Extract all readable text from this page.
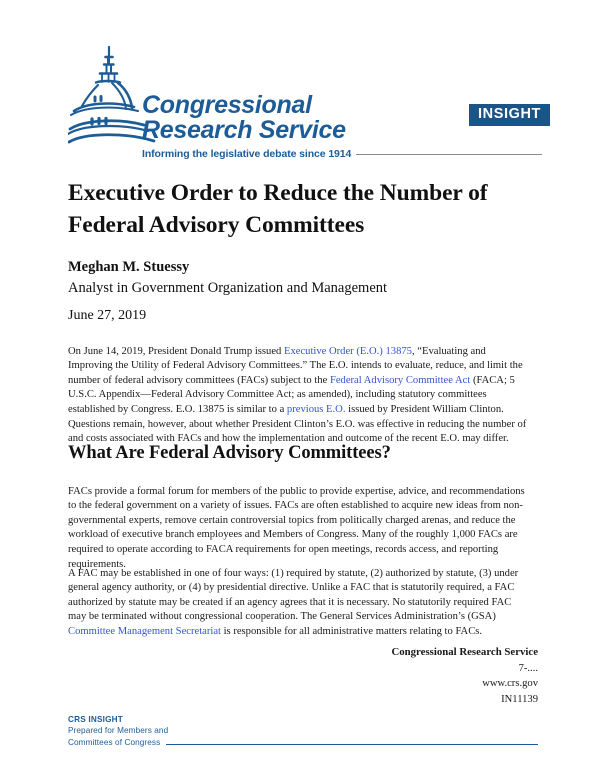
Congressional
Research Service
Informing the legislative debate since 1914
INSIGHT
Executive Order to Reduce the Number of Federal Advisory Committees
Meghan M. Stuessy
Analyst in Government Organization and Management
June 27, 2019

On June 14, 2019, President Donald Trump issued Executive Order (E.O.) 13875, “Evaluating and Improving the Utility of Federal Advisory Committees.” The E.O. intends to evaluate, reduce, and limit the number of federal advisory committees (FACs) subject to the Federal Advisory Committee Act (FACA; 5 U.S.C. Appendix—Federal Advisory Committee Act; as amended), including statutory committees established by Congress. E.O. 13875 is similar to a previous E.O. issued by President William Clinton. Questions remain, however, about whether President Clinton’s E.O. was effective in reducing the number of and costs associated with FACs and how the implementation and outcome of the recent E.O. may differ.

What Are Federal Advisory Committees?

FACs provide a formal forum for members of the public to provide expertise, advice, and recommendations to the federal government on a variety of issues. FACs are often established to acquire new ideas from non-governmental experts, remove certain controversial topics from politically charged arenas, and reduce the workload of executive branch employees and Members of Congress. Many of the roughly 1,000 FACs are required to operate according to FACA requirements for open meetings, records access, and reporting requirements.

A FAC may be established in one of four ways: (1) required by statute, (2) authorized by statute, (3) under general agency authority, or (4) by presidential directive. Unlike a FAC that is statutorily required, a FAC authorized by statute may be created if an agency agrees that it is necessary. No statutorily required FAC may be terminated without congressional cooperation. The General Services Administration’s (GSA) Committee Management Secretariat is responsible for all administrative matters relating to FACs.

Congressional Research Service
7-....
www.crs.gov
IN11139
CRS INSIGHT
Prepared for Members and
Committees of Congress
